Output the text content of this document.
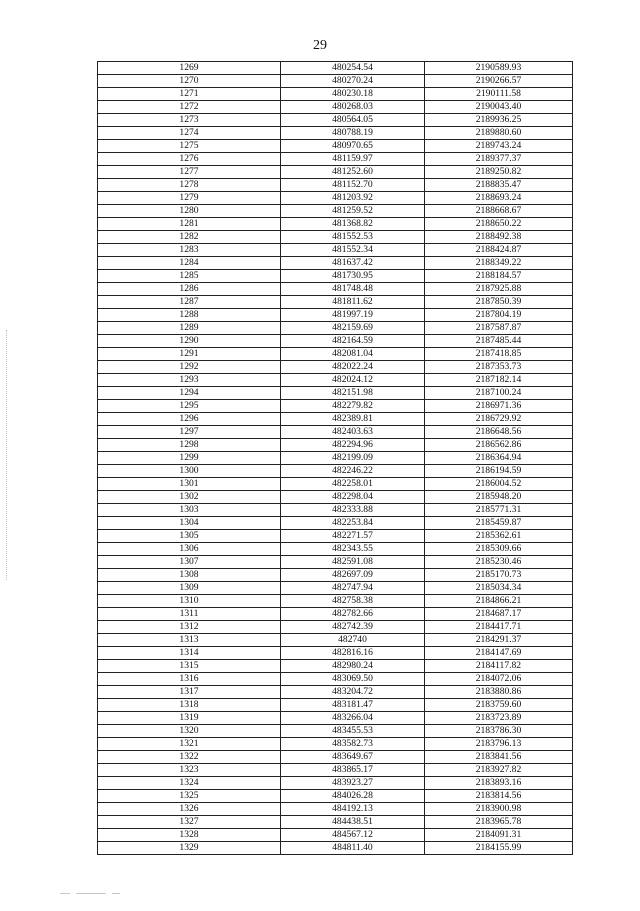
29
1269	480254.54	2190589.93
1270	480270.24	2190266.57
1271	480230.18	2190111.58
1272	480268.03	2190043.40
1273	480564.05	2189936.25
1274	480788.19	2189880.60
1275	480970.65	2189743.24
1276	481159.97	2189377.37
1277	481252.60	2189250.82
1278	481152.70	2188835.47
1279	481203.92	2188693.24
1280	481259.52	2188668.67
1281	481368.82	2188650.22
1282	481552.53	2188492.38
1283	481552.34	2188424.87
1284	481637.42	2188349.22
1285	481730.95	2188184.57
1286	481748.48	2187925.88
1287	481811.62	2187850.39
1288	481997.19	2187804.19
1289	482159.69	2187587.87
1290	482164.59	2187485.44
1291	482081.04	2187418.85
1292	482022.24	2187353.73
1293	482024.12	2187182.14
1294	482151.98	2187100.24
1295	482279.82	2186971.36
1296	482389.81	2186729.92
1297	482403.63	2186648.56
1298	482294.96	2186562.86
1299	482199.09	2186364.94
1300	482246.22	2186194.59
1301	482258.01	2186004.52
1302	482298.04	2185948.20
1303	482333.88	2185771.31
1304	482253.84	2185459.87
1305	482271.57	2185362.61
1306	482343.55	2185309.66
1307	482591.08	2185230.46
1308	482697.09	2185170.73
1309	482747.94	2185034.34
1310	482758.38	2184866.21
1311	482782.66	2184687.17
1312	482742.39	2184417.71
1313	482740	2184291.37
1314	482816.16	2184147.69
1315	482980.24	2184117.82
1316	483069.50	2184072.06
1317	483204.72	2183880.86
1318	483181.47	2183759.60
1319	483266.04	2183723.89
1320	483455.53	2183786.30
1321	483582.73	2183796.13
1322	483649.67	2183841.56
1323	483865.17	2183927.82
1324	483923.27	2183893.16
1325	484026.28	2183814.56
1326	484192.13	2183900.98
1327	484438.51	2183965.78
1328	484567.12	2184091.31
1329	484811.40	2184155.99
